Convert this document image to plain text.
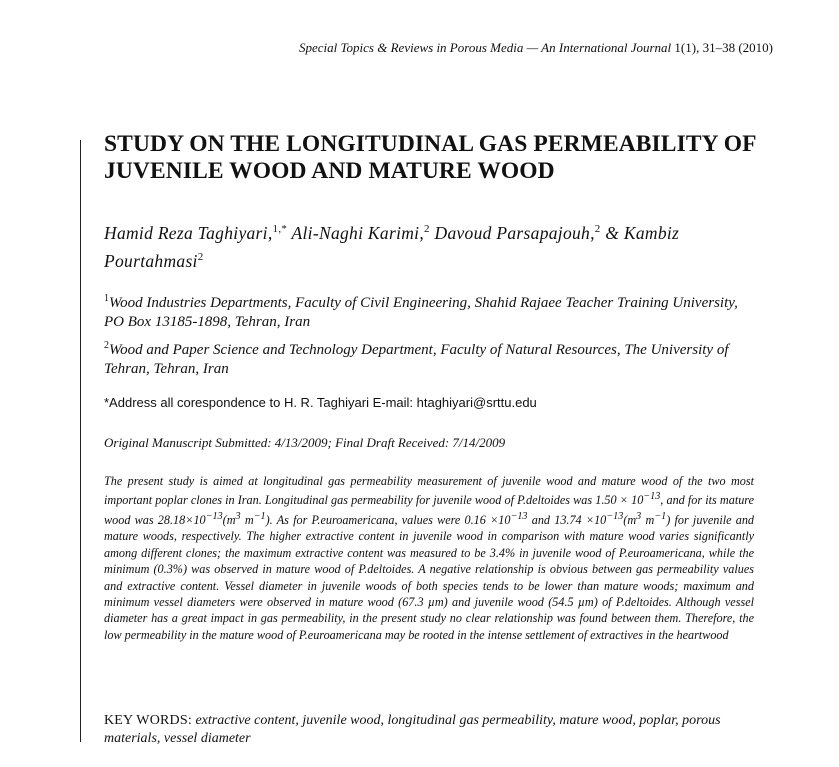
Special Topics & Reviews in Porous Media — An International Journal 1(1), 31–38 (2010)
STUDY ON THE LONGITUDINAL GAS PERMEABILITY OF JUVENILE WOOD AND MATURE WOOD

Hamid Reza Taghiyari,$^{1,*}$ Ali-Naghi Karimi,$^2$ Davoud Parsapajouh,$^2$ & Kambiz Pourtahmasi$^2$

$^1$Wood Industries Departments, Faculty of Civil Engineering, Shahid Rajaee Teacher Training University, PO Box 13185-1898, Tehran, Iran

$^2$Wood and Paper Science and Technology Department, Faculty of Natural Resources, The University of Tehran, Tehran, Iran

*Address all corespondence to H. R. Taghiyari E-mail: htaghiyari@srttu.edu
Original Manuscript Submitted: 4/13/2009; Final Draft Received: 7/14/2009

The present study is aimed at longitudinal gas permeability measurement of juvenile wood and mature wood of the two most important poplar clones in Iran. Longitudinal gas permeability for juvenile wood of P.deltoides was $1.50 \times 10^{-13}$, and for its mature wood was $28.18\times 10^{-13}(m^3$ $m^{-1}$). As for P.euroamericana, values were $0.16 \times 10^{-13}$ and $13.74 \times 10^{-13}(m^3$ $m^{-1}$) for juvenile and mature woods, respectively. The higher extractive content in juvenile wood in comparison with mature wood varies significantly among different clones; the maximum extractive content was measured to be 3.4% in juvenile wood of P.euroamericana, while the minimum (0.3%) was observed in mature wood of P.deltoides. A negative relationship is obvious between gas permeability values and extractive content. Vessel diameter in juvenile woods of both species tends to be lower than mature woods; maximum and minimum vessel diameters were observed in mature wood (67.3 µm) and juvenile wood (54.5 µm) of P.deltoides. Although vessel diameter has a great impact in gas permeability, in the present study no clear relationship was found between them. Therefore, the low permeability in the mature wood of P.euroamericana may be rooted in the intense settlement of extractives in the heartwood

KEY WORDS: extractive content, juvenile wood, longitudinal gas permeability, mature wood, poplar, porous materials, vessel diameter
